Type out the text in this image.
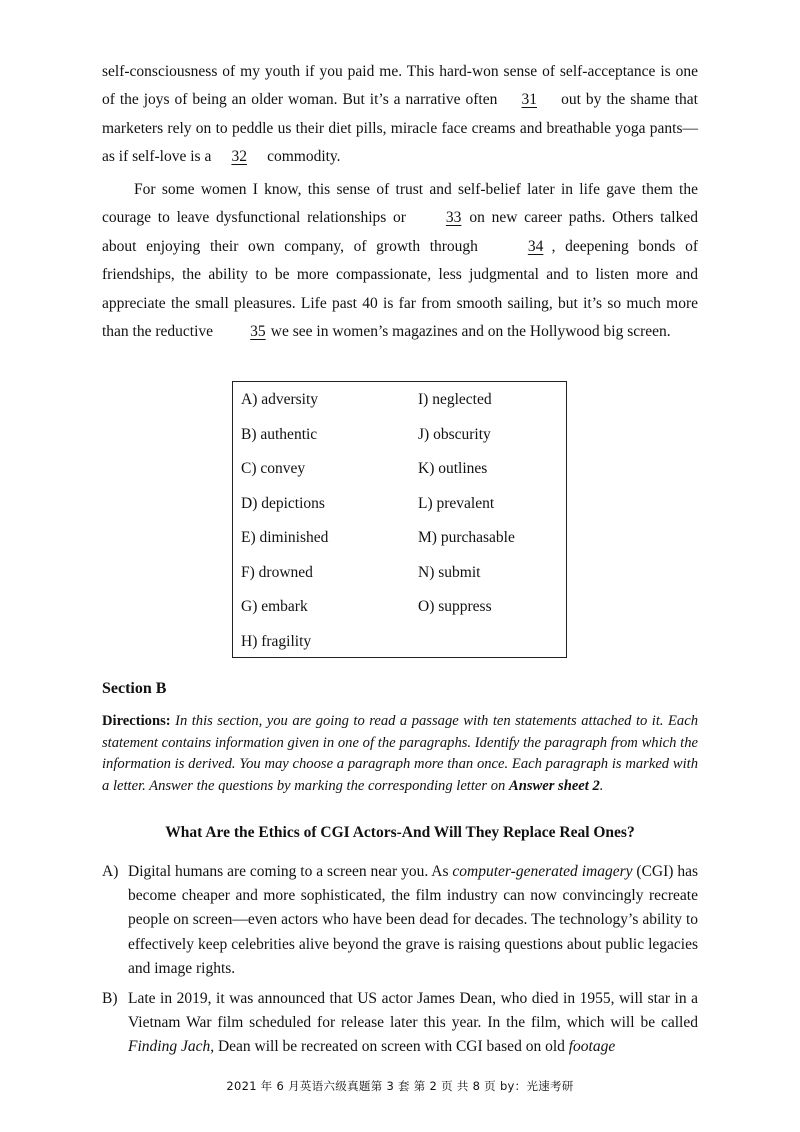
self-consciousness of my youth if you paid me. This hard-won sense of self-acceptance is one of the joys of being an older woman. But it’s a narrative often 31 out by the shame that marketers rely on to peddle us their diet pills, miracle face creams and breathable yoga pants—as if self-love is a 32 commodity.

For some women I know, this sense of trust and self-belief later in life gave them the courage to leave dysfunctional relationships or 33 on new career paths. Others talked about enjoying their own company, of growth through	34 , deepening bonds of friendships, the ability to be more compassionate, less judgmental and to listen more and appreciate the small pleasures. Life past 40 is far from smooth sailing, but it’s so much more than the reductive 35 we see in women’s magazines and on the Hollywood big screen.

A) adversity
B) authentic
C) convey
D) depictions
E) diminished
F) drowned
G) embark
H) fragility
I) neglected
J) obscurity
K) outlines
L) prevalent
M) purchasable
N) submit
O) suppress
Section B

Directions: In this section, you are going to read a passage with ten statements attached to it. Each statement contains information given in one of the paragraphs. Identify the paragraph from which the information is derived. You may choose a paragraph more than once. Each paragraph is marked with a letter. Answer the questions by marking the corresponding letter on Answer sheet 2.

What Are the Ethics of CGI Actors-And Will They Replace Real Ones?
A) Digital humans are coming to a screen near you. As computer-generated imagery (CGI) has become cheaper and more sophisticated, the film industry can now convincingly recreate people on screen—even actors who have been dead for decades. The technology’s ability to effectively keep celebrities alive beyond the grave is raising questions about public legacies and image rights.
B) Late in 2019, it was announced that US actor James Dean, who died in 1955, will star in a Vietnam War film scheduled for release later this year. In the film, which will be called Finding Jach, Dean will be recreated on screen with CGI based on old footage
2021 年 6 月英语六级真题第 3 套 第 2 页 共 8 页 by：光速考研
